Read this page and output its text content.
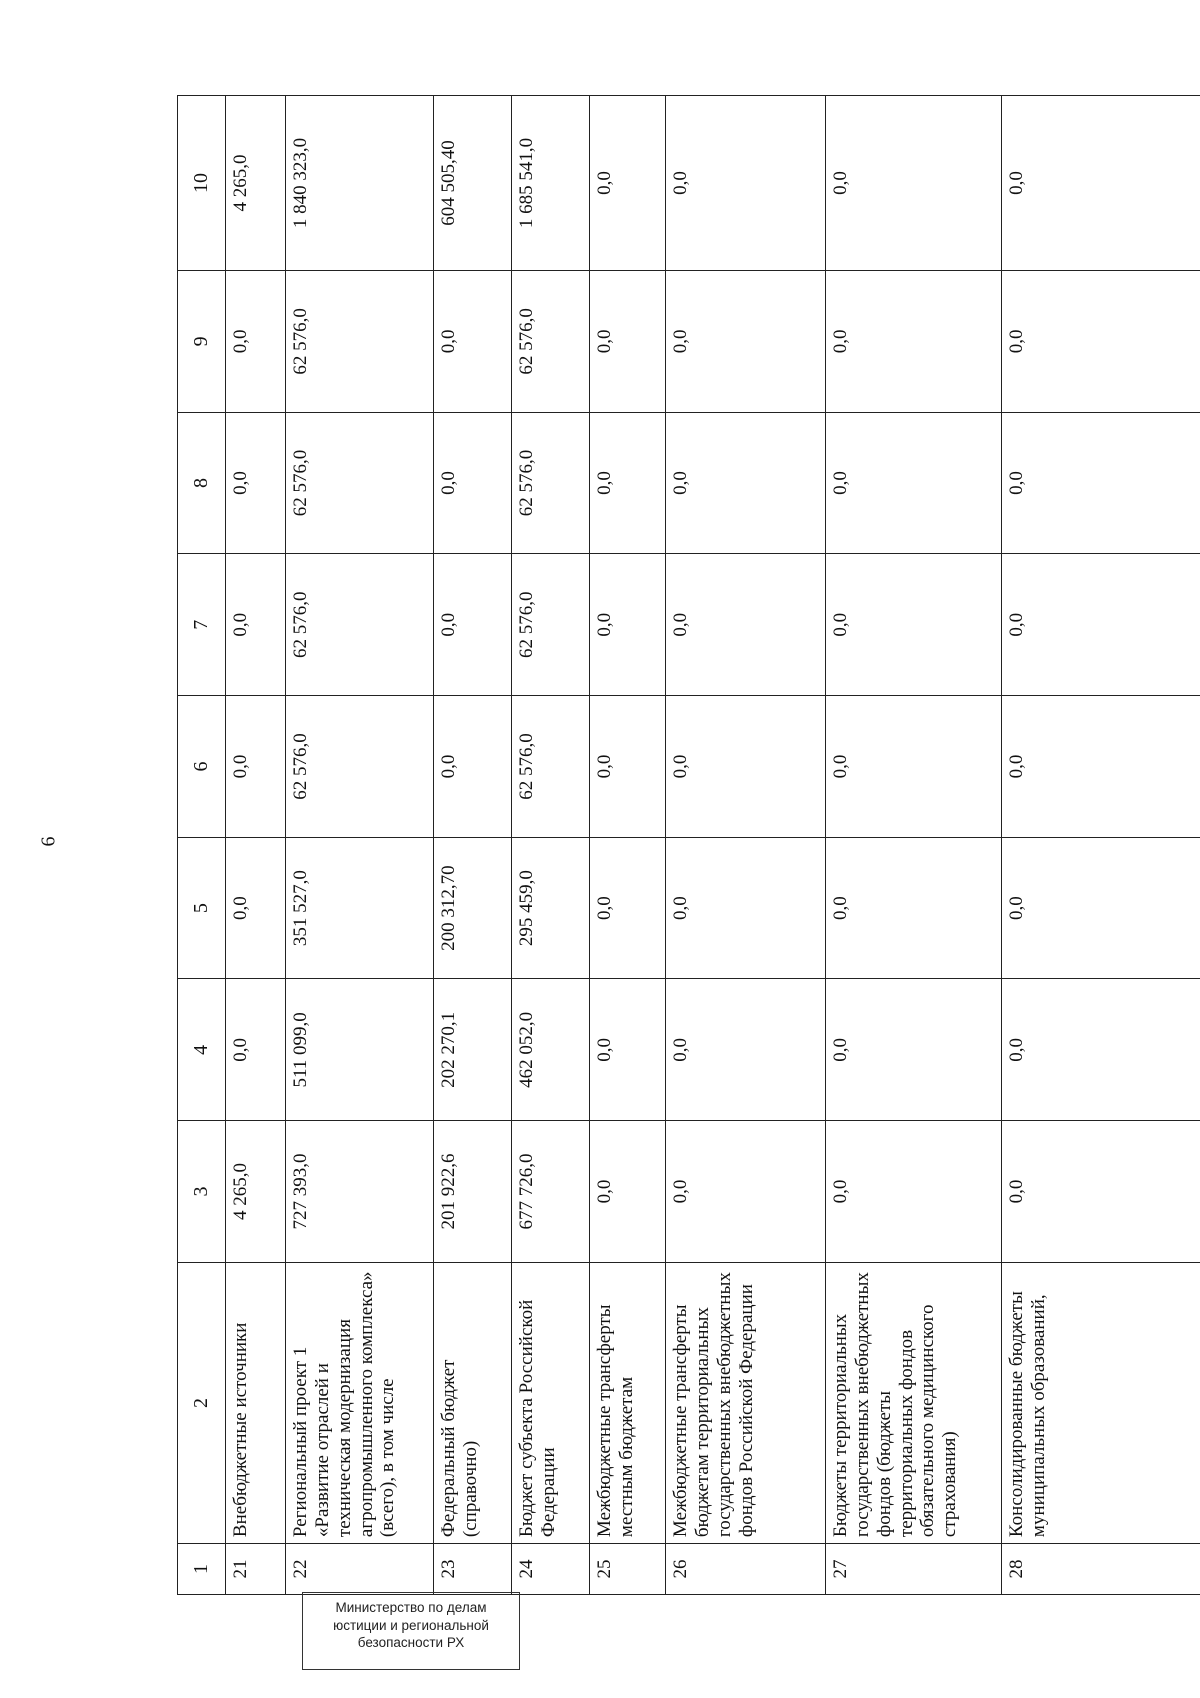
6
1	2	3	4	5	6	7	8	9	10
21	Внебюджетные источники	4 265,0	0,0	0,0	0,0	0,0	0,0	0,0	4 265,0
22	Региональный проект 1 «Развитие отраслей и техническая модернизация агропромышленного комплекса» (всего), в том числе	727 393,0	511 099,0	351 527,0	62 576,0	62 576,0	62 576,0	62 576,0	1 840 323,0
23	Федеральный бюджет (справочно)	201 922,6	202 270,1	200 312,70	0,0	0,0	0,0	0,0	604 505,40
24	Бюджет субъекта Российской Федерации	677 726,0	462 052,0	295 459,0	62 576,0	62 576,0	62 576,0	62 576,0	1 685 541,0
25	Межбюджетные трансферты местным бюджетам	0,0	0,0	0,0	0,0	0,0	0,0	0,0	0,0
26	Межбюджетные трансферты бюджетам территориальных государственных внебюджетных фондов Российской Федерации	0,0	0,0	0,0	0,0	0,0	0,0	0,0	0,0
27	Бюджеты территориальных государственных внебюджетных фондов (бюджеты территориальных фондов обязательного медицинского страхования)	0,0	0,0	0,0	0,0	0,0	0,0	0,0	0,0
28	Консолидированные бюджеты муниципальных образований,	0,0	0,0	0,0	0,0	0,0	0,0	0,0	0,0
Министерство по делам
юстиции и региональной
безопасности РХ
